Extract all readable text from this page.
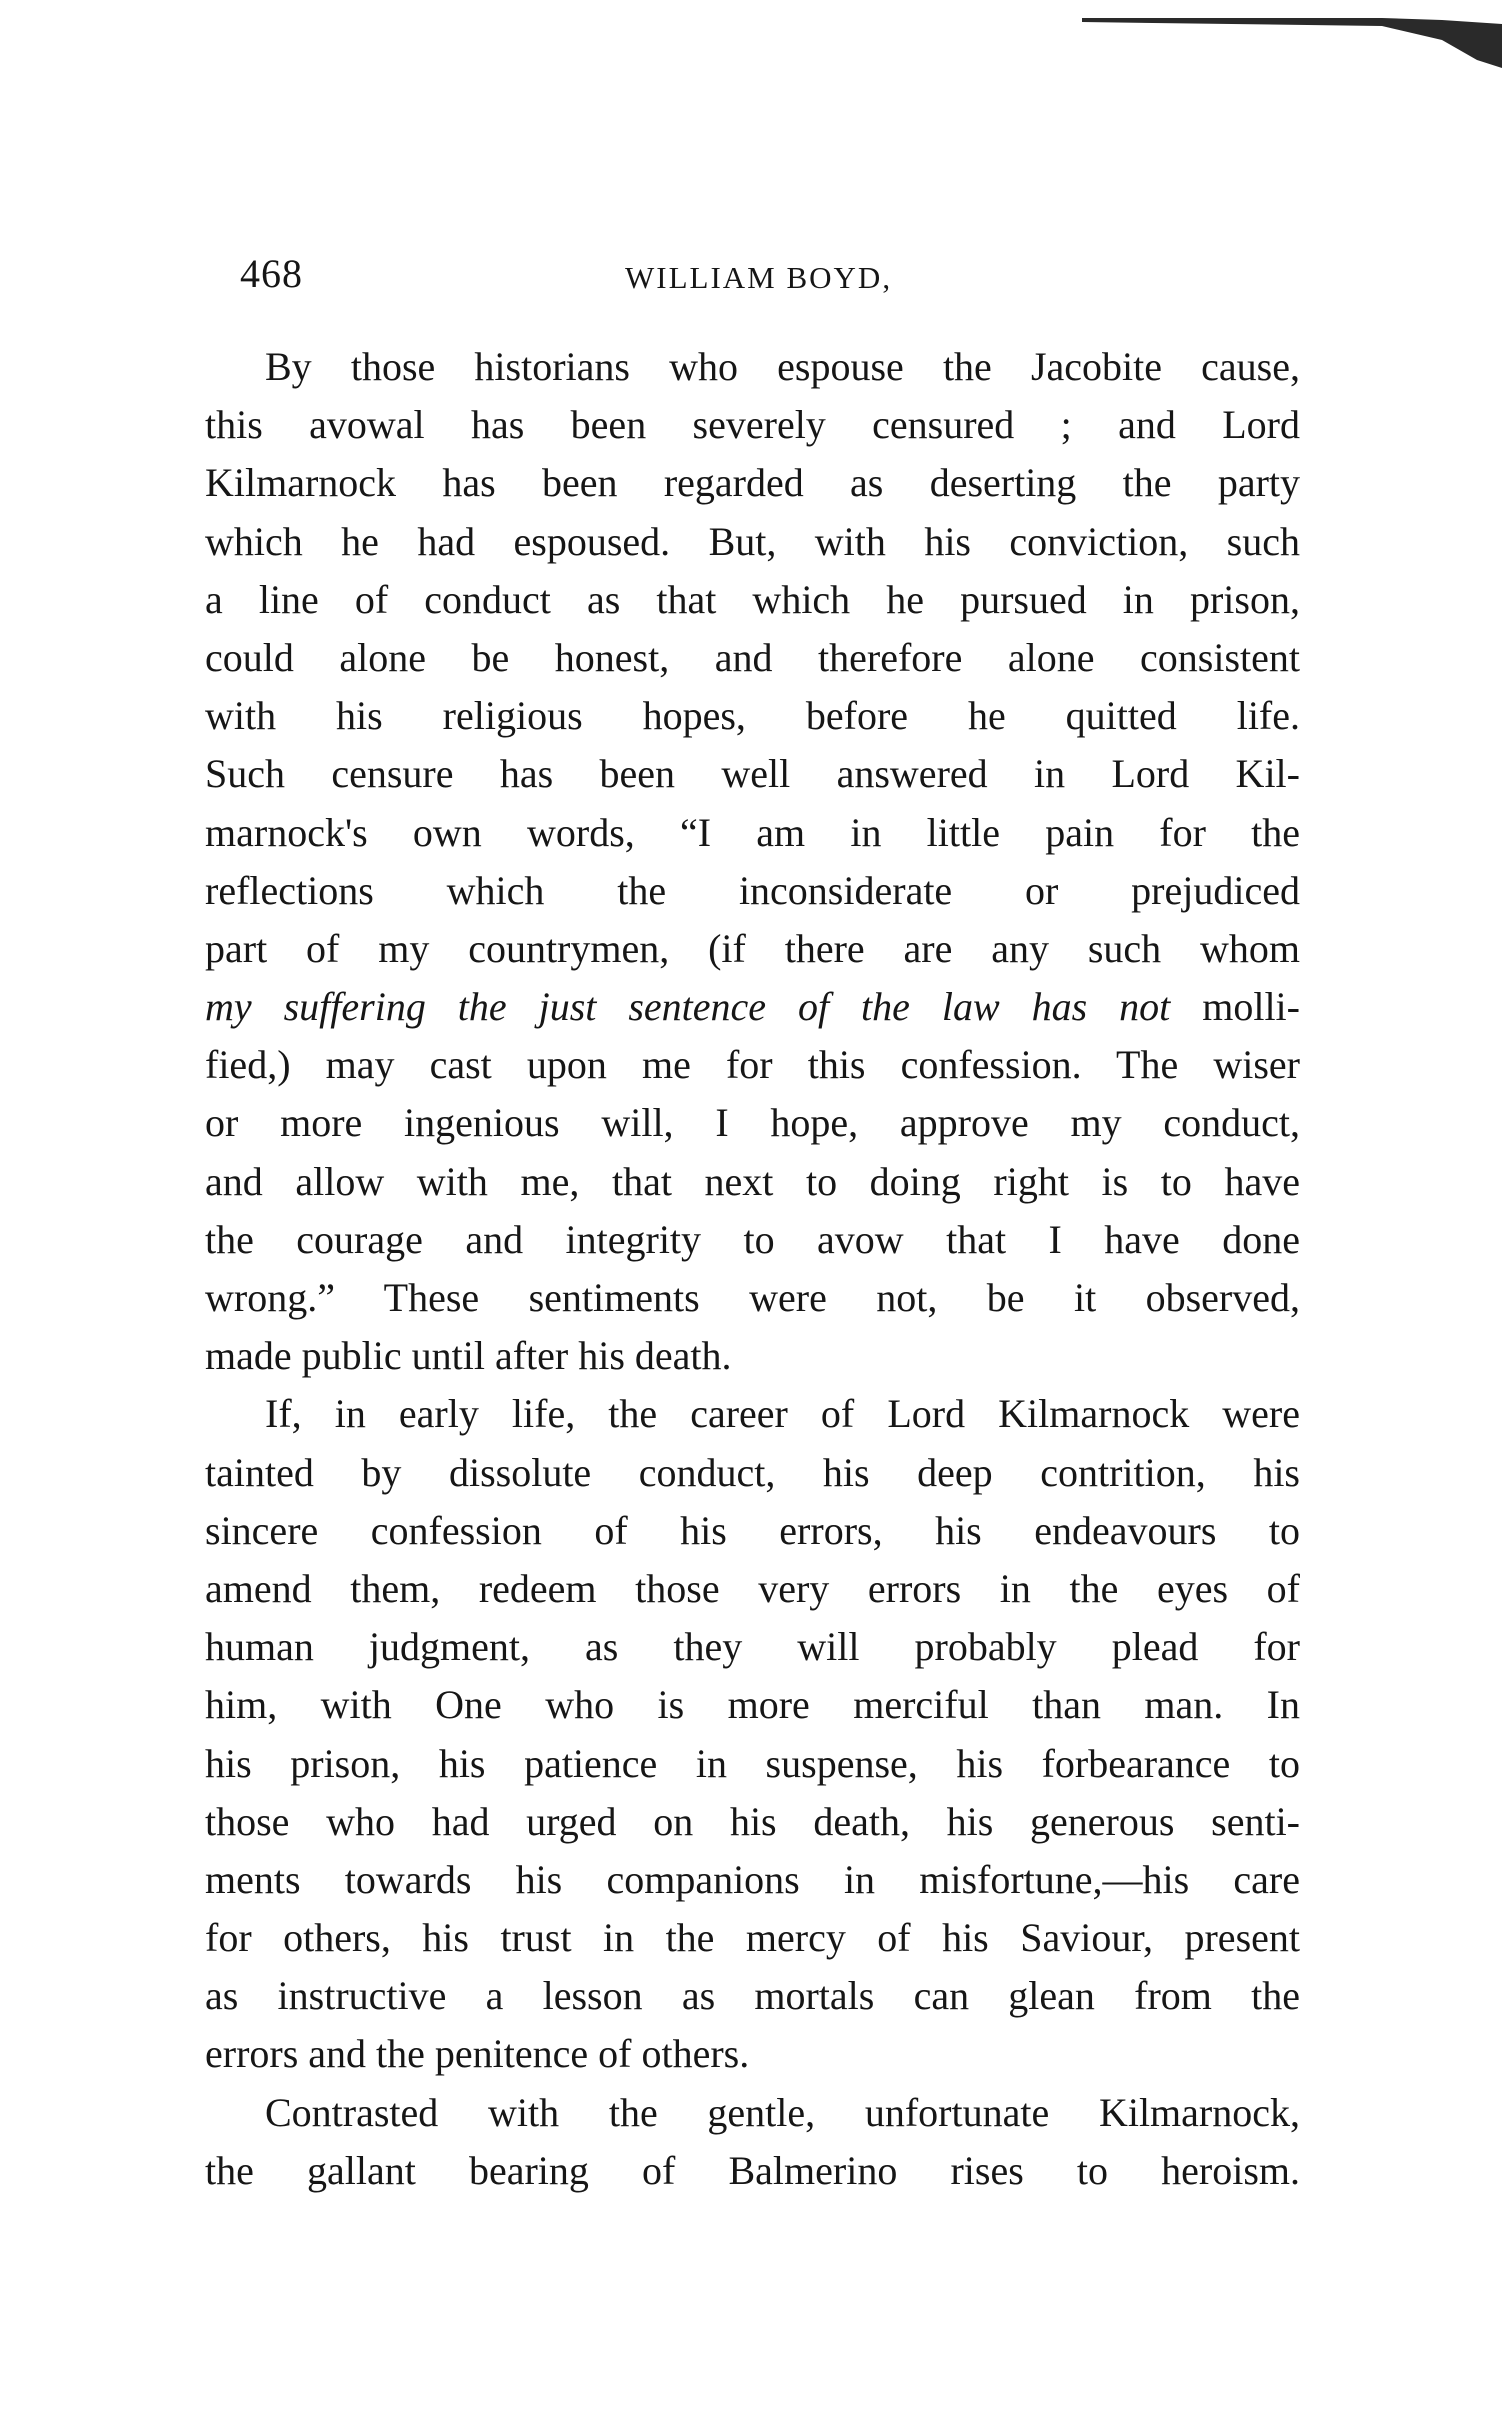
468	WILLIAM BOYD,
By those historians who espouse the Jacobite cause,
this avowal has been severely censured ; and Lord
Kilmarnock has been regarded as deserting the party
which he had espoused. But, with his conviction, such
a line of conduct as that which he pursued in prison,
could alone be honest, and therefore alone consistent
with his religious hopes, before he quitted life.
Such censure has been well answered in Lord Kil-
marnock's own words, “I am in little pain for the
reflections which the inconsiderate or prejudiced
part of my countrymen, (if there are any such whom
my suffering the just sentence of the law has not molli-
fied,) may cast upon me for this confession. The wiser
or more ingenious will, I hope, approve my conduct,
and allow with me, that next to doing right is to have
the courage and integrity to avow that I have done
wrong.” These sentiments were not, be it observed,
made public until after his death.
If, in early life, the career of Lord Kilmarnock were
tainted by dissolute conduct, his deep contrition, his
sincere confession of his errors, his endeavours to
amend them, redeem those very errors in the eyes of
human judgment, as they will probably plead for
him, with One who is more merciful than man. In
his prison, his patience in suspense, his forbearance to
those who had urged on his death, his generous senti-
ments towards his companions in misfortune,—his care
for others, his trust in the mercy of his Saviour, present
as instructive a lesson as mortals can glean from the
errors and the penitence of others.
Contrasted with the gentle, unfortunate Kilmarnock,
the gallant bearing of Balmerino rises to heroism.
